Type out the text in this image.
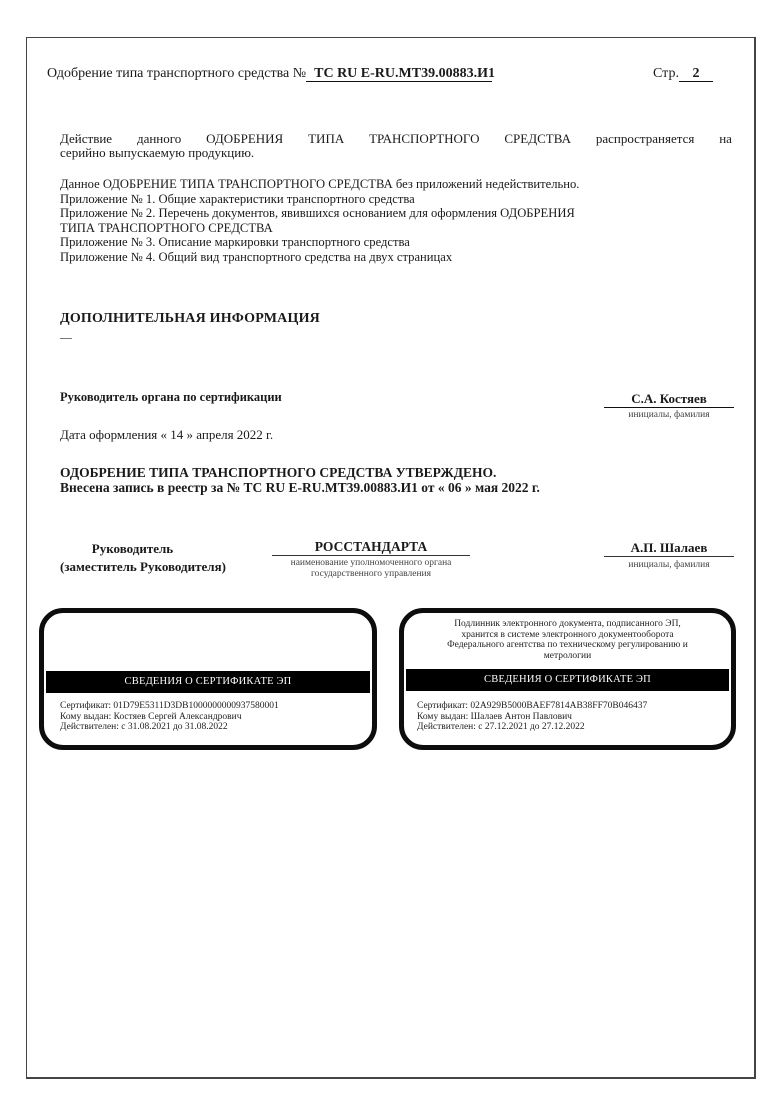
Одобрение типа транспортного средства № ТС RU E-RU.МТ39.00883.И1	Стр. 2
Действие данного ОДОБРЕНИЯ ТИПА ТРАНСПОРТНОГО СРЕДСТВА распространяется на
серийно выпускаемую продукцию.
Данное ОДОБРЕНИЕ ТИПА ТРАНСПОРТНОГО СРЕДСТВА без приложений недействительно.
Приложение № 1. Общие характеристики транспортного средства
Приложение № 2. Перечень документов, явившихся основанием для оформления ОДОБРЕНИЯ
ТИПА ТРАНСПОРТНОГО СРЕДСТВА
Приложение № 3. Описание маркировки транспортного средства
Приложение № 4. Общий вид транспортного средства на двух страницах
ДОПОЛНИТЕЛЬНАЯ ИНФОРМАЦИЯ
—
Руководитель органа по сертификации	С.А. Костяев
инициалы, фамилия
Дата оформления « 14 » апреля 2022 г.
ОДОБРЕНИЕ ТИПА ТРАНСПОРТНОГО СРЕДСТВА УТВЕРЖДЕНО.
Внесена запись в реестр за № ТС RU E-RU.МТ39.00883.И1 от « 06 » мая 2022 г.
Руководитель
(заместитель Руководителя)
РОССТАНДАРТА
наименование уполномоченного органа
государственного управления
А.П. Шалаев
инициалы, фамилия
СВЕДЕНИЯ О СЕРТИФИКАТЕ ЭП
Сертификат: 01D79E5311D3DB1000000000937580001
Кому выдан: Костяев Сергей Александрович
Действителен: с 31.08.2021 до 31.08.2022
Подлинник электронного документа, подписанного ЭП,
хранится в системе электронного документооборота
Федерального агентства по техническому регулированию и
метрологии
СВЕДЕНИЯ О СЕРТИФИКАТЕ ЭП
Сертификат: 02A929B5000BAEF7814AB38FF70B046437
Кому выдан: Шалаев Антон Павлович
Действителен: с 27.12.2021 до 27.12.2022
